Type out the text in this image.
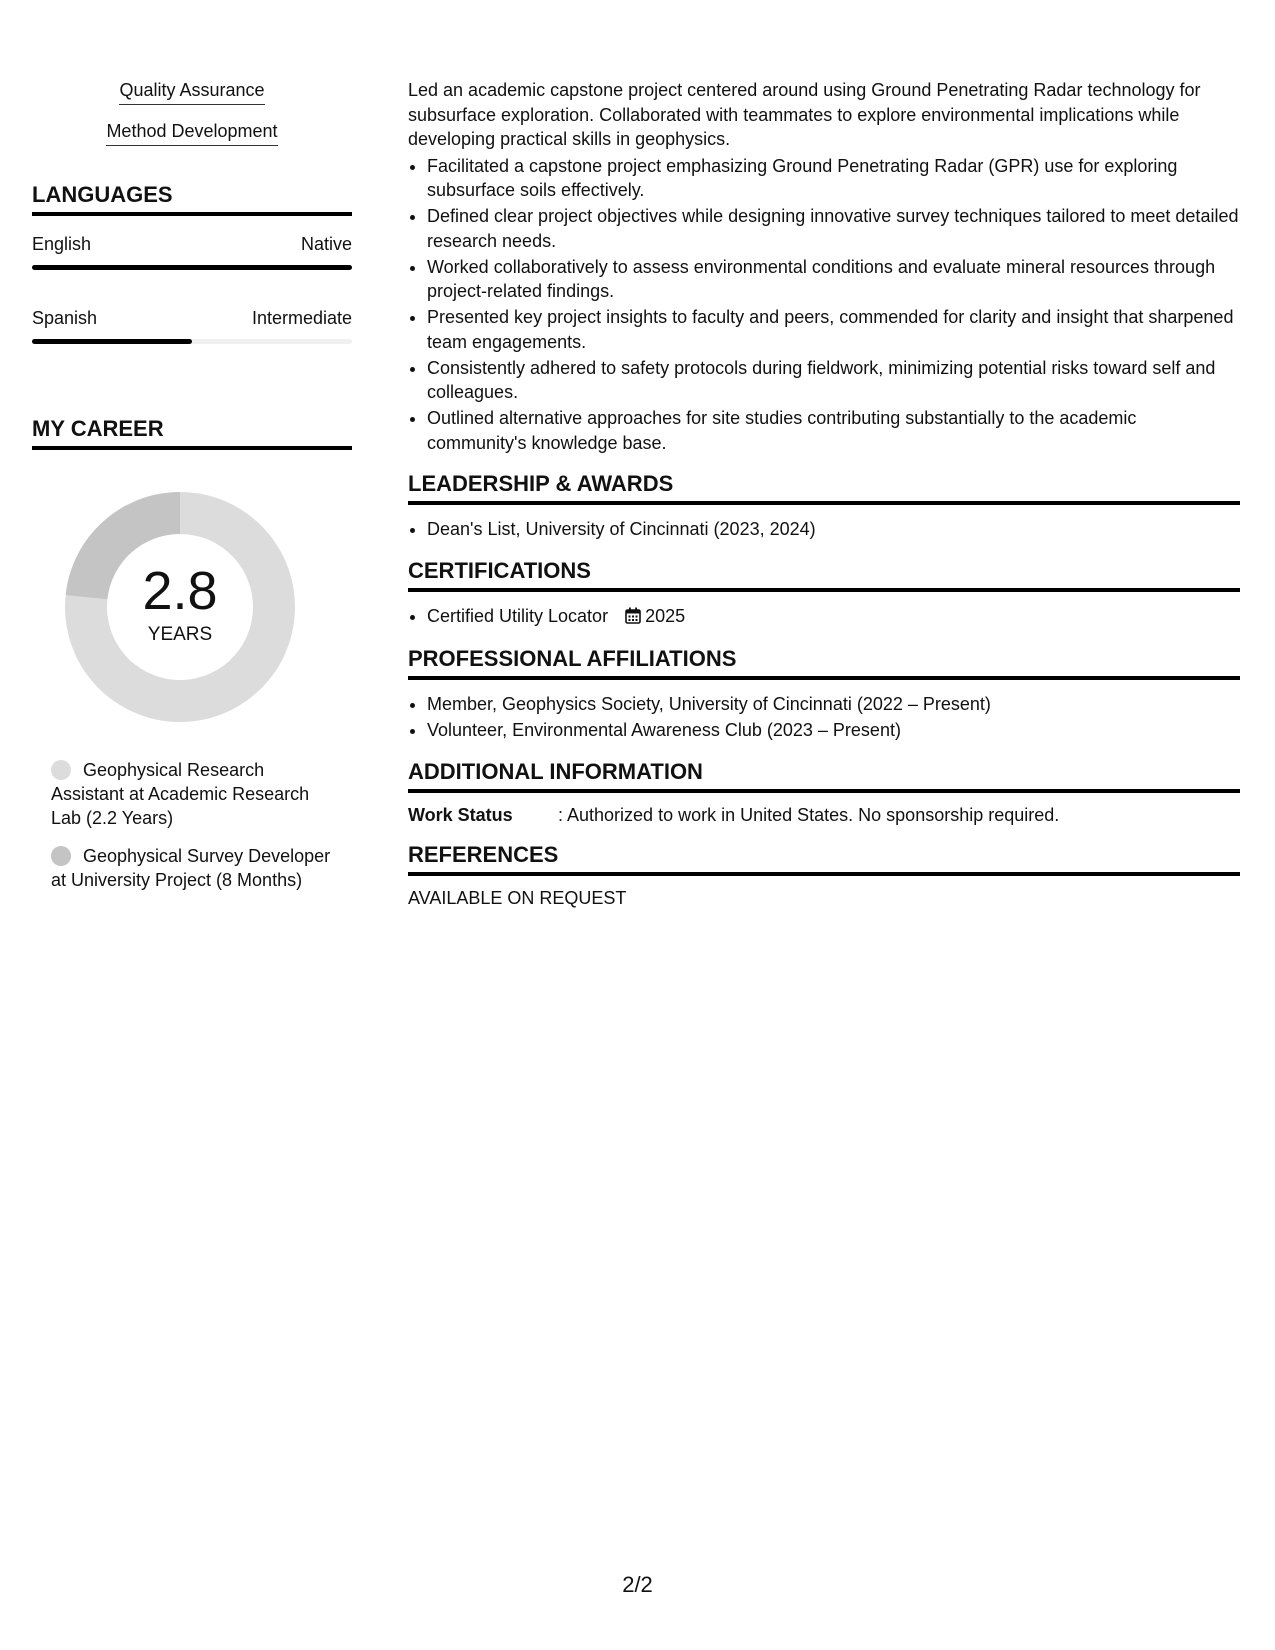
Quality Assurance
Method Development
LANGUAGES
English	Native
Spanish	Intermediate
MY CAREER
2.8
YEARS
Geophysical Research Assistant at Academic Research Lab (2.2 Years)
Geophysical Survey Developer at University Project (8 Months)

Led an academic capstone project centered around using Ground Penetrating Radar technology for subsurface exploration. Collaborated with teammates to explore environmental implications while developing practical skills in geophysics.

• Facilitated a capstone project emphasizing Ground Penetrating Radar (GPR) use for exploring subsurface soils effectively.
• Defined clear project objectives while designing innovative survey techniques tailored to meet detailed research needs.
• Worked collaboratively to assess environmental conditions and evaluate mineral resources through project-related findings.
• Presented key project insights to faculty and peers, commended for clarity and insight that sharpened team engagements.
• Consistently adhered to safety protocols during fieldwork, minimizing potential risks toward self and colleagues.
• Outlined alternative approaches for site studies contributing substantially to the academic community's knowledge base.
LEADERSHIP & AWARDS
• Dean's List, University of Cincinnati (2023, 2024)
CERTIFICATIONS
• Certified Utility Locator 2025
PROFESSIONAL AFFILIATIONS
• Member, Geophysics Society, University of Cincinnati (2022 – Present)
• Volunteer, Environmental Awareness Club (2023 – Present)
ADDITIONAL INFORMATION
Work Status	: Authorized to work in United States. No sponsorship required.
REFERENCES
AVAILABLE ON REQUEST
2/2
